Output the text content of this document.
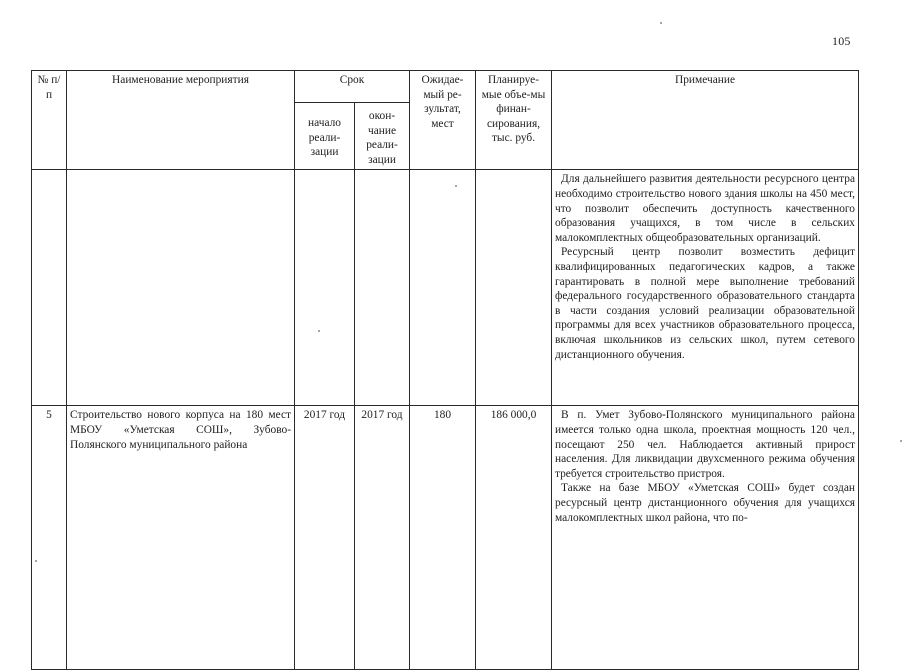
105
№ п/п	Наименование мероприятия	Срок		Ожидае-мый ре-зультат, мест	Планируе-мые объе-мы финан-сирования, тыс. руб.	Примечание
		начало реали-зации	окон-чание реали-зации			

						Для дальнейшего развития деятельности ресурсного центра необходимо строительство нового здания школы на 450 мест, что позволит обеспечить доступность качественного образования учащихся, в том числе в сельских малокомплектных общеобразовательных организаций.

Ресурсный центр позволит возместить дефицит квалифицированных педагогических кадров, а также гарантировать в полной мере выполнение требований федерального государственного образовательного стандарта в части создания условий реализации образовательной программы для всех участников образовательного процесса, включая школьников из сельских школ, путем сетевого дистанционного обучения.

5	Строительство нового корпуса на 180 мест МБОУ «Уметская СОШ», Зубово-Полянского муниципального района	2017 год	2017 год	180	186 000,0	В п. Умет Зубово-Полянского муниципального района имеется только одна школа, проектная мощность 120 чел., посещают 250 чел. Наблюдается активный прирост населения. Для ликвидации двухсменного режима обучения требуется строительство пристроя.

Также на базе МБОУ «Уметская СОШ» будет создан ресурсный центр дистанционного обучения для учащихся малокомплектных школ района, что по-
